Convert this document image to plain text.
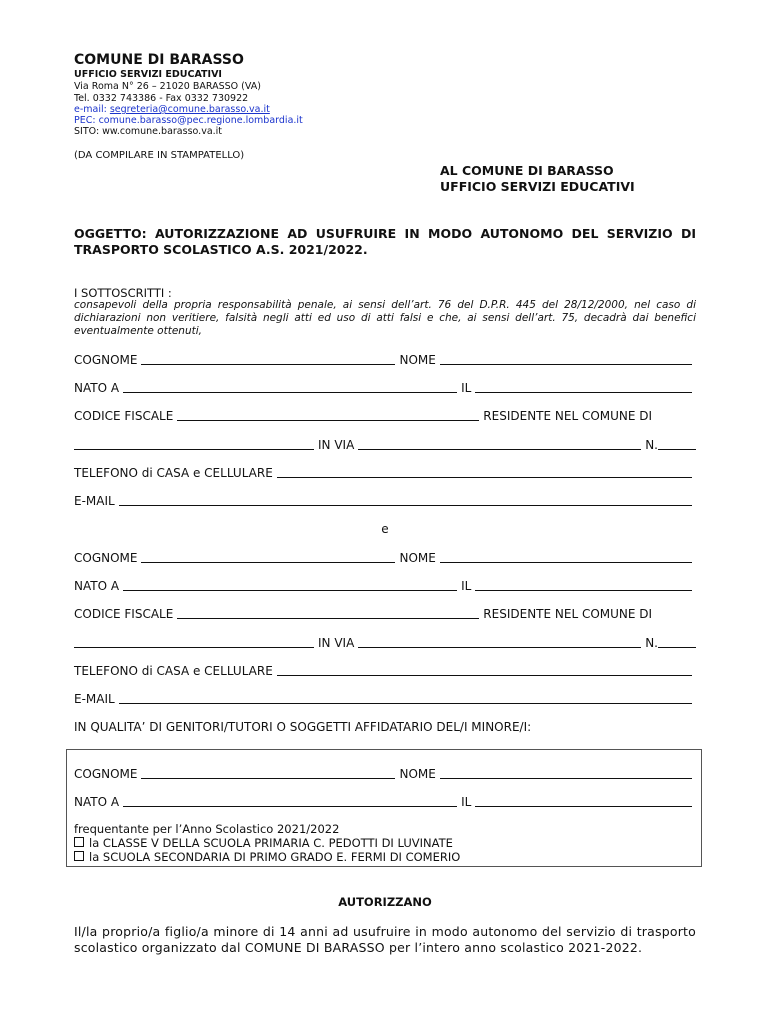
COMUNE DI BARASSO
UFFICIO SERVIZI EDUCATIVI
Via Roma N° 26 – 21020 BARASSO (VA)
Tel. 0332 743386 - Fax 0332 730922
e-mail: segreteria@comune.barasso.va.it
PEC: comune.barasso@pec.regione.lombardia.it
SITO: ww.comune.barasso.va.it
(DA COMPILARE IN STAMPATELLO)
AL COMUNE DI BARASSO
UFFICIO SERVIZI EDUCATIVI
OGGETTO: AUTORIZZAZIONE AD USUFRUIRE IN MODO AUTONOMO DEL SERVIZIO DI TRASPORTO SCOLASTICO A.S. 2021/2022.
I SOTTOSCRITTI :
consapevoli della propria responsabilità penale, ai sensi dell’art. 76 del D.P.R. 445 del 28/12/2000, nel caso di dichiarazioni non veritiere, falsità negli atti ed uso di atti falsi e che, ai sensi dell’art. 75, decadrà dai benefici eventualmente ottenuti,
COGNOME	NOME
NATO A	IL
CODICE FISCALE	RESIDENTE NEL COMUNE DI
IN VIA	N.
TELEFONO di CASA e CELLULARE
E-MAIL
e
COGNOME	NOME
NATO A	IL
CODICE FISCALE	RESIDENTE NEL COMUNE DI
IN VIA	N.
TELEFONO di CASA e CELLULARE
E-MAIL
IN QUALITA’ DI GENITORI/TUTORI O SOGGETTI AFFIDATARIO DEL/I MINORE/I:
COGNOME	NOME
NATO A	IL
frequentante per l’Anno Scolastico 2021/2022
la CLASSE V DELLA SCUOLA PRIMARIA C. PEDOTTI DI LUVINATE
la SCUOLA SECONDARIA DI PRIMO GRADO E. FERMI DI COMERIO
AUTORIZZANO
Il/la proprio/a figlio/a minore di 14 anni ad usufruire in modo autonomo del servizio di trasporto scolastico organizzato dal COMUNE DI BARASSO per l’intero anno scolastico 2021-2022.
